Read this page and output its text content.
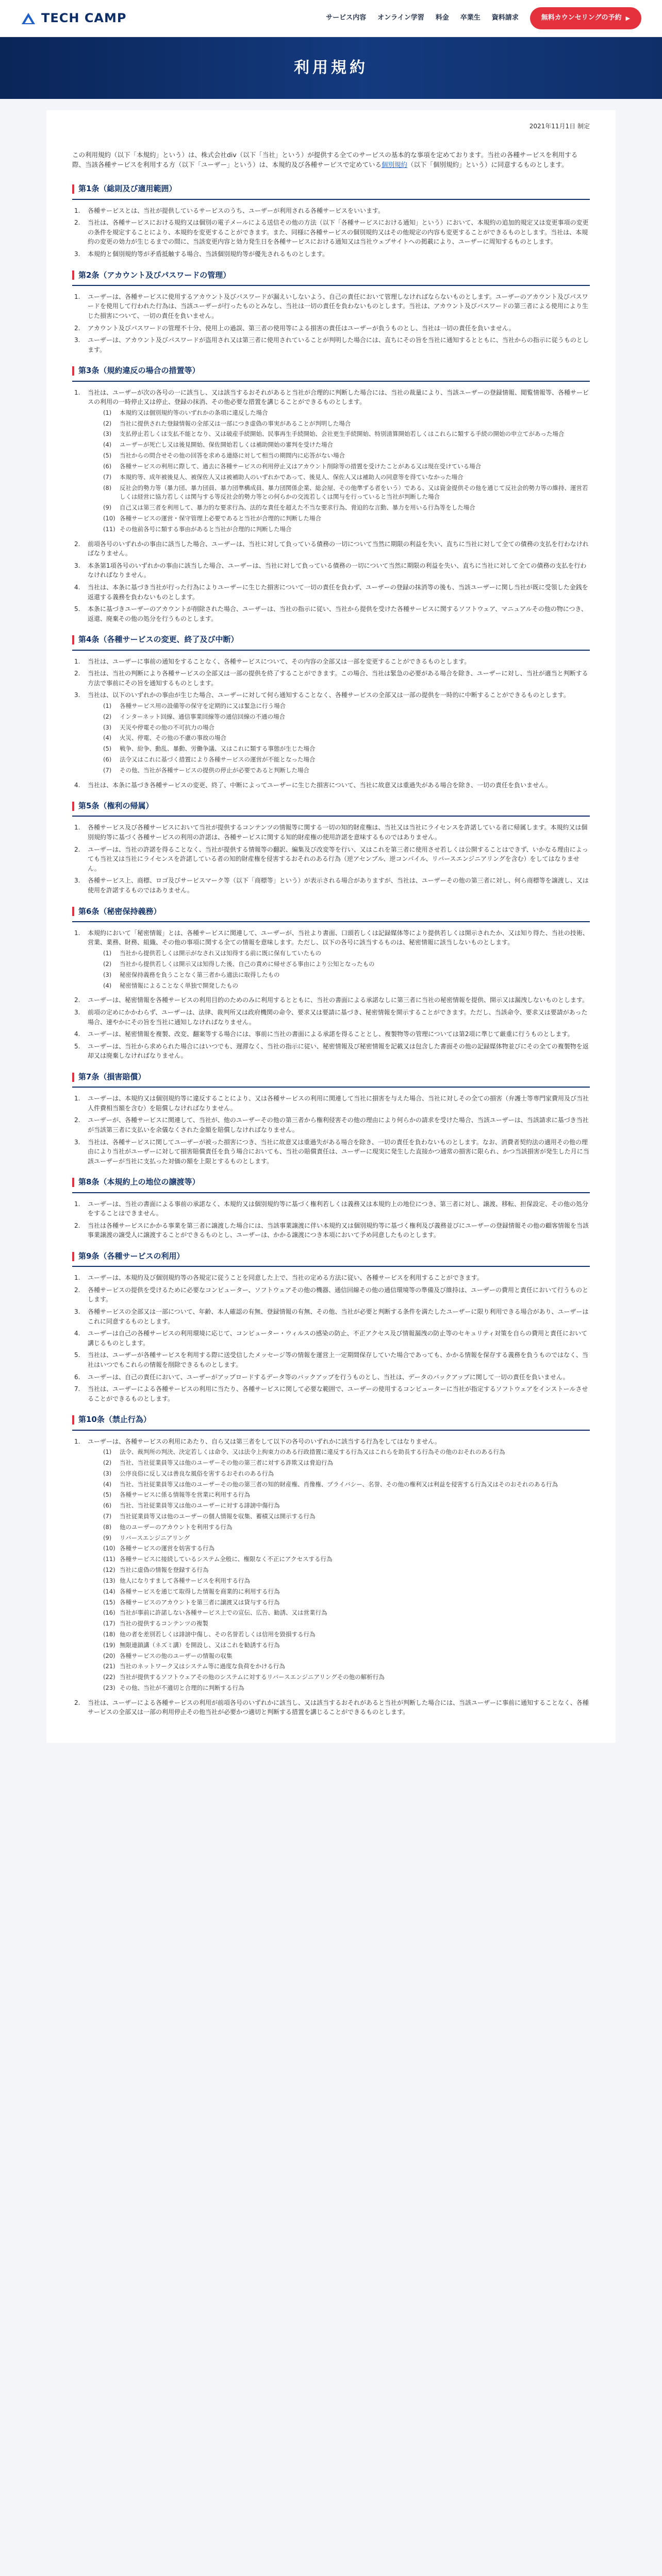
TECH CAMP	サービス内容 オンライン学習 料金 卒業生 資料請求	無料カウンセリングの予約 ▶
利用規約
2021年11月1日 制定

この利用規約（以下「本規約」という）は、株式会社div（以下「当社」という）が提供する全てのサービスの基本的な事項を定めております。当社の各種サービスを利用する際、当該各種サービスを利用する方（以下「ユーザー」という）は、本規約及び各種サービスで定めている個別規約（以下「個別規約」という）に同意するものとします。

第1条（総則及び適用範囲）
1.	各種サービスとは、当社が提供しているサービスのうち、ユーザーが利用される各種サービスをいいます。
2.	当社は、各種サービスにおける規約又は個別の電子メールによる送信その他の方法（以下「各種サービスにおける通知」という）において、本規約の追加的規定又は変更事項の変更の条件を規定することにより、本規約を変更することができます。また、同様に各種サービスの個別規約又はその他規定の内容も変更することができるものとします。当社は、本規約の変更の効力が生じるまでの間に、当該変更内容と効力発生日を各種サービスにおける通知又は当社ウェブサイトへの掲載により、ユーザーに周知するものとします。
3.	本規約と個別規約等が矛盾抵触する場合、当該個別規約等が優先されるものとします。
第2条（アカウント及びパスワードの管理）
1.	ユーザーは、各種サービスに使用するアカウント及びパスワードが漏えいしないよう、自己の責任において管理しなければならないものとします。ユーザーのアカウント及びパスワードを使用して行われた行為は、当該ユーザーが行ったものとみなし、当社は一切の責任を負わないものとします。当社は、アカウント及びパスワードの第三者による使用により生じた損害について、一切の責任を負いません。
2.	アカウント及びパスワードの管理不十分、使用上の過誤、第三者の使用等による損害の責任はユーザーが負うものとし、当社は一切の責任を負いません。
3.	ユーザーは、アカウント及びパスワードが盗用され又は第三者に使用されていることが判明した場合には、直ちにその旨を当社に通知するとともに、当社からの指示に従うものとします。
第3条（規約違反の場合の措置等）
1.	当社は、ユーザーが次の各号の一に該当し、又は該当するおそれがあると当社が合理的に判断した場合には、当社の裁量により、当該ユーザーの登録情報、閲覧情報等、各種サービスの利用の一時停止又は停止、登録の抹消、その他必要な措置を講じることができるものとします。
(1)	本規約又は個別規約等のいずれかの条項に違反した場合
(2)	当社に提供された登録情報の全部又は一部につき虚偽の事実があることが判明した場合
(3)	支払停止若しくは支払不能となり、又は破産手続開始、民事再生手続開始、会社更生手続開始、特別清算開始若しくはこれらに類する手続の開始の申立てがあった場合
(4)	ユーザーが死亡し又は後見開始、保佐開始若しくは補助開始の審判を受けた場合
(5)	当社からの問合せその他の回答を求める連絡に対して相当の期間内に応答がない場合
(6)	各種サービスの利用に際して、過去に各種サービスの利用停止又はアカウント削除等の措置を受けたことがある又は現在受けている場合
(7)	本規約等、成年被後見人、被保佐人又は被補助人のいずれかであって、後見人、保佐人又は補助人の同意等を得ていなかった場合
(8)	反社会的勢力等（暴力団、暴力団員、暴力団準構成員、暴力団関係企業、総会屋、その他準ずる者をいう）である、又は資金提供その他を通じて反社会的勢力等の維持、運営若しくは経営に協力若しくは関与する等反社会的勢力等との何らかの交流若しくは関与を行っていると当社が判断した場合
(9)	自己又は第三者を利用して、暴力的な要求行為、法的な責任を超えた不当な要求行為、脅迫的な言動、暴力を用いる行為等をした場合
(10) 各種サービスの運営・保守管理上必要であると当社が合理的に判断した場合
(11) その他前各号に類する事由があると当社が合理的に判断した場合
2.	前項各号のいずれかの事由に該当した場合、ユーザーは、当社に対して負っている債務の一切について当然に期限の利益を失い、直ちに当社に対して全ての債務の支払を行わなければなりません。
3.	本条第1項各号のいずれかの事由に該当した場合、ユーザーは、当社に対して負っている債務の一切について当然に期限の利益を失い、直ちに当社に対して全ての債務の支払を行わなければなりません。
4.	当社は、本条に基づき当社が行った行為によりユーザーに生じた損害について一切の責任を負わず、ユーザーの登録の抹消等の後も、当該ユーザーに関し当社が既に受領した金銭を返還する義務を負わないものとします。
5.	本条に基づきユーザーのアカウントが削除された場合、ユーザーは、当社の指示に従い、当社から提供を受けた各種サービスに関するソフトウェア、マニュアルその他の物につき、返還、廃棄その他の処分を行うものとします。
第4条（各種サービスの変更、終了及び中断）
1.	当社は、ユーザーに事前の通知をすることなく、各種サービスについて、その内容の全部又は一部を変更することができるものとします。
2.	当社は、当社の判断により各種サービスの全部又は一部の提供を終了することができます。この場合、当社は緊急の必要がある場合を除き、ユーザーに対し、当社が適当と判断する方法で事前にその旨を通知するものとします。
3.	当社は、以下のいずれかの事由が生じた場合、ユーザーに対して何ら通知することなく、各種サービスの全部又は一部の提供を一時的に中断することができるものとします。
(1)	各種サービス用の設備等の保守を定期的に又は緊急に行う場合
(2)	インターネット回線、通信事業回線等の通信回線の不通の場合
(3)	天災や停電その他の不可抗力の場合
(4)	火災、停電、その他の不慮の事故の場合
(5)	戦争、紛争、動乱、暴動、労働争議、又はこれに類する事態が生じた場合
(6)	法令又はこれに基づく措置により各種サービスの運営が不能となった場合
(7)	その他、当社が各種サービスの提供の停止が必要であると判断した場合
4.	当社は、本条に基づき各種サービスの変更、終了、中断によってユーザーに生じた損害について、当社に故意又は重過失がある場合を除き、一切の責任を負いません。
第5条（権利の帰属）
1.	各種サービス及び各種サービスにおいて当社が提供するコンテンツの情報等に関する一切の知的財産権は、当社又は当社にライセンスを許諾している者に帰属します。本規約又は個別規約等に基づく各種サービスの利用の許諾は、各種サービスに関する知的財産権の使用許諾を意味するものではありません。
2.	ユーザーは、当社の許諾を得ることなく、当社が提供する情報等の翻訳、編集及び改変等を行い、又はこれを第三者に使用させ若しくは公開することはできず、いかなる理由によっても当社又は当社にライセンスを許諾している者の知的財産権を侵害するおそれのある行為（逆アセンブル、逆コンパイル、リバースエンジニアリングを含む）をしてはなりません。
3.	各種サービス上、商標、ロゴ及びサービスマーク等（以下「商標等」という）が表示される場合がありますが、当社は、ユーザーその他の第三者に対し、何ら商標等を譲渡し、又は使用を許諾するものではありません。
第6条（秘密保持義務）
1.	本規約において「秘密情報」とは、各種サービスに関連して、ユーザーが、当社より書面、口頭若しくは記録媒体等により提供若しくは開示されたか、又は知り得た、当社の技術、営業、業務、財務、組織、その他の事項に関する全ての情報を意味します。ただし、以下の各号に該当するものは、秘密情報に該当しないものとします。
(1)	当社から提供若しくは開示がなされ又は知得する前に既に保有していたもの
(2)	当社から提供若しくは開示又は知得した後、自己の責めに帰せざる事由により公知となったもの
(3)	秘密保持義務を負うことなく第三者から適法に取得したもの
(4)	秘密情報によることなく単独で開発したもの
2.	ユーザーは、秘密情報を各種サービスの利用目的のためのみに利用するとともに、当社の書面による承諾なしに第三者に当社の秘密情報を提供、開示又は漏洩しないものとします。
3.	前項の定めにかかわらず、ユーザーは、法律、裁判所又は政府機関の命令、要求又は要請に基づき、秘密情報を開示することができます。ただし、当該命令、要求又は要請があった場合、速やかにその旨を当社に通知しなければなりません。
4.	ユーザーは、秘密情報を複製、改変、翻案等する場合には、事前に当社の書面による承諾を得ることとし、複製物等の管理については第2項に準じて厳重に行うものとします。
5.	ユーザーは、当社から求められた場合にはいつでも、遅滞なく、当社の指示に従い、秘密情報及び秘密情報を記載又は包含した書面その他の記録媒体物並びにその全ての複製物を返却又は廃棄しなければなりません。
第7条（損害賠償）
1.	ユーザーは、本規約又は個別規約等に違反することにより、又は各種サービスの利用に関連して当社に損害を与えた場合、当社に対しその全ての損害（弁護士等専門家費用及び当社人件費相当額を含む）を賠償しなければなりません。
2.	ユーザーが、各種サービスに関連して、当社が、他のユーザーその他の第三者から権利侵害その他の理由により何らかの請求を受けた場合、当該ユーザーは、当該請求に基づき当社が当該第三者に支払いを余儀なくされた金額を賠償しなければなりません。
3.	当社は、各種サービスに関してユーザーが被った損害につき、当社に故意又は重過失がある場合を除き、一切の責任を負わないものとします。なお、消費者契約法の適用その他の理由により当社がユーザーに対して損害賠償責任を負う場合においても、当社の賠償責任は、ユーザーに現実に発生した直接かつ通常の損害に限られ、かつ当該損害が発生した月に当該ユーザーが当社に支払った対価の額を上限とするものとします。
第8条（本規約上の地位の譲渡等）
1.	ユーザーは、当社の書面による事前の承諾なく、本規約又は個別規約等に基づく権利若しくは義務又は本規約上の地位につき、第三者に対し、譲渡、移転、担保設定、その他の処分をすることはできません。
2.	当社は各種サービスにかかる事業を第三者に譲渡した場合には、当該事業譲渡に伴い本規約又は個別規約等に基づく権利及び義務並びにユーザーの登録情報その他の顧客情報を当該事業譲渡の譲受人に譲渡することができるものとし、ユーザーは、かかる譲渡につき本項において予め同意したものとします。
第9条（各種サービスの利用）
1.	ユーザーは、本規約及び個別規約等の各規定に従うことを同意した上で、当社の定める方法に従い、各種サービスを利用することができます。
2.	各種サービスの提供を受けるために必要なコンピューター、ソフトウェアその他の機器、通信回線その他の通信環境等の準備及び維持は、ユーザーの費用と責任において行うものとします。
3.	各種サービスの全部又は一部について、年齢、本人確認の有無、登録情報の有無、その他、当社が必要と判断する条件を満たしたユーザーに限り利用できる場合があり、ユーザーはこれに同意するものとします。
4.	ユーザーは自己の各種サービスの利用環境に応じて、コンピューター・ウィルスの感染の防止、不正アクセス及び情報漏洩の防止等のセキュリティ対策を自らの費用と責任において講じるものとします。
5.	当社は、ユーザーが各種サービスを利用する際に送受信したメッセージ等の情報を運営上一定期間保存していた場合であっても、かかる情報を保存する義務を負うものではなく、当社はいつでもこれらの情報を削除できるものとします。
6.	ユーザーは、自己の責任において、ユーザーがアップロードするデータ等のバックアップを行うものとし、当社は、データのバックアップに関して一切の責任を負いません。
7.	当社は、ユーザーによる各種サービスの利用に当たり、各種サービスに関して必要な範囲で、ユーザーの使用するコンピューターに当社が指定するソフトウェアをインストールさせることができるものとします。
第10条（禁止行為）
1.	ユーザーは、各種サービスの利用にあたり、自ら又は第三者をして以下の各号のいずれかに該当する行為をしてはなりません。
(1)	法令、裁判所の判決、決定若しくは命令、又は法令上拘束力のある行政措置に違反する行為又はこれらを助長する行為その他のおそれのある行為
(2)	当社、当社従業員等又は他のユーザーその他の第三者に対する詐欺又は脅迫行為
(3)	公序良俗に反し又は善良な風俗を害するおそれのある行為
(4)	当社、当社従業員等又は他のユーザーその他の第三者の知的財産権、肖像権、プライバシー、名誉、その他の権利又は利益を侵害する行為又はそのおそれのある行為
(5)	各種サービスに係る情報等を営業に利用する行為
(6)	当社、当社従業員等又は他のユーザーに対する誹謗中傷行為
(7)	当社従業員等又は他のユーザーの個人情報を収集、蓄積又は開示する行為
(8)	他のユーザーのアカウントを利用する行為
(9)	リバースエンジニアリング
(10) 各種サービスの運営を妨害する行為
(11) 各種サービスに接続しているシステム全般に、権限なく不正にアクセスする行為
(12) 当社に虚偽の情報を登録する行為
(13) 他人になりすまして各種サービスを利用する行為
(14) 各種サービスを通じて取得した情報を商業的に利用する行為
(15) 各種サービスのアカウントを第三者に譲渡又は貸与する行為
(16) 当社が事前に許諾しない各種サービス上での宣伝、広告、勧誘、又は営業行為
(17) 当社の提供するコンテンツの複製
(18) 他の者を差別若しくは誹謗中傷し、その名誉若しくは信用を毀損する行為
(19) 無限連鎖講（ネズミ講）を開設し、又はこれを勧誘する行為
(20) 各種サービスの他のユーザーの情報の収集
(21) 当社のネットワーク又はシステム等に過度な負荷をかける行為
(22) 当社が提供するソフトウェアその他のシステムに対するリバースエンジニアリングその他の解析行為
(23) その他、当社が不適切と合理的に判断する行為
2.	当社は、ユーザーによる各種サービスの利用が前項各号のいずれかに該当し、又は該当するおそれがあると当社が判断した場合には、当該ユーザーに事前に通知することなく、各種サービスの全部又は一部の利用停止その他当社が必要かつ適切と判断する措置を講じることができるものとします。
